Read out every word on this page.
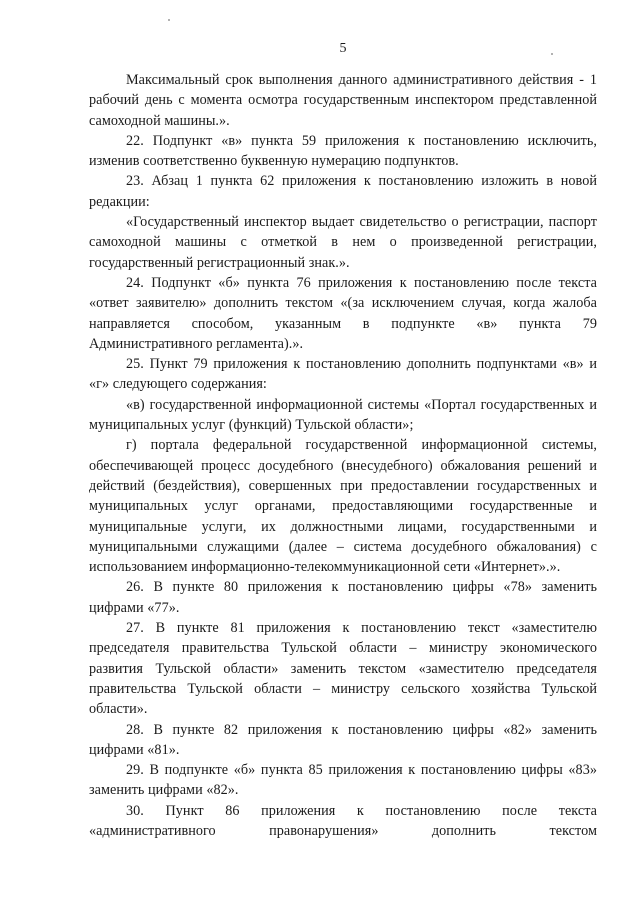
5

Максимальный срок выполнения данного административного действия - 1 рабочий день с момента осмотра государственным инспектором представленной самоходной машины.».

22. Подпункт «в» пункта 59 приложения к постановлению исключить, изменив соответственно буквенную нумерацию подпунктов.

23. Абзац 1 пункта 62 приложения к постановлению изложить в новой редакции:

«Государственный инспектор выдает свидетельство о регистрации, паспорт самоходной машины с отметкой в нем о произведенной регистрации, государственный регистрационный знак.».

24. Подпункт «б» пункта 76 приложения к постановлению после текста «ответ заявителю» дополнить текстом «(за исключением случая, когда жалоба направляется способом, указанным в подпункте «в» пункта 79 Административного регламента).».

25. Пункт 79 приложения к постановлению дополнить подпунктами «в» и «г» следующего содержания:

«в) государственной информационной системы «Портал государственных и муниципальных услуг (функций) Тульской области»;

г) портала федеральной государственной информационной системы, обеспечивающей процесс досудебного (внесудебного) обжалования решений и действий (бездействия), совершенных при предоставлении государственных и муниципальных услуг органами, предоставляющими государственные и муниципальные услуги, их должностными лицами, государственными и муниципальными служащими (далее – система досудебного обжалования) с использованием информационно-телекоммуникационной сети «Интернет».».

26. В пункте 80 приложения к постановлению цифры «78» заменить цифрами «77».

27. В пункте 81 приложения к постановлению текст «заместителю председателя правительства Тульской области – министру экономического развития Тульской области» заменить текстом «заместителю председателя правительства Тульской области – министру сельского хозяйства Тульской области».

28. В пункте 82 приложения к постановлению цифры «82» заменить цифрами «81».

29. В подпункте «б» пункта 85 приложения к постановлению цифры «83» заменить цифрами «82».

30. Пункт 86 приложения к постановлению после текста «административного правонарушения» дополнить текстом
